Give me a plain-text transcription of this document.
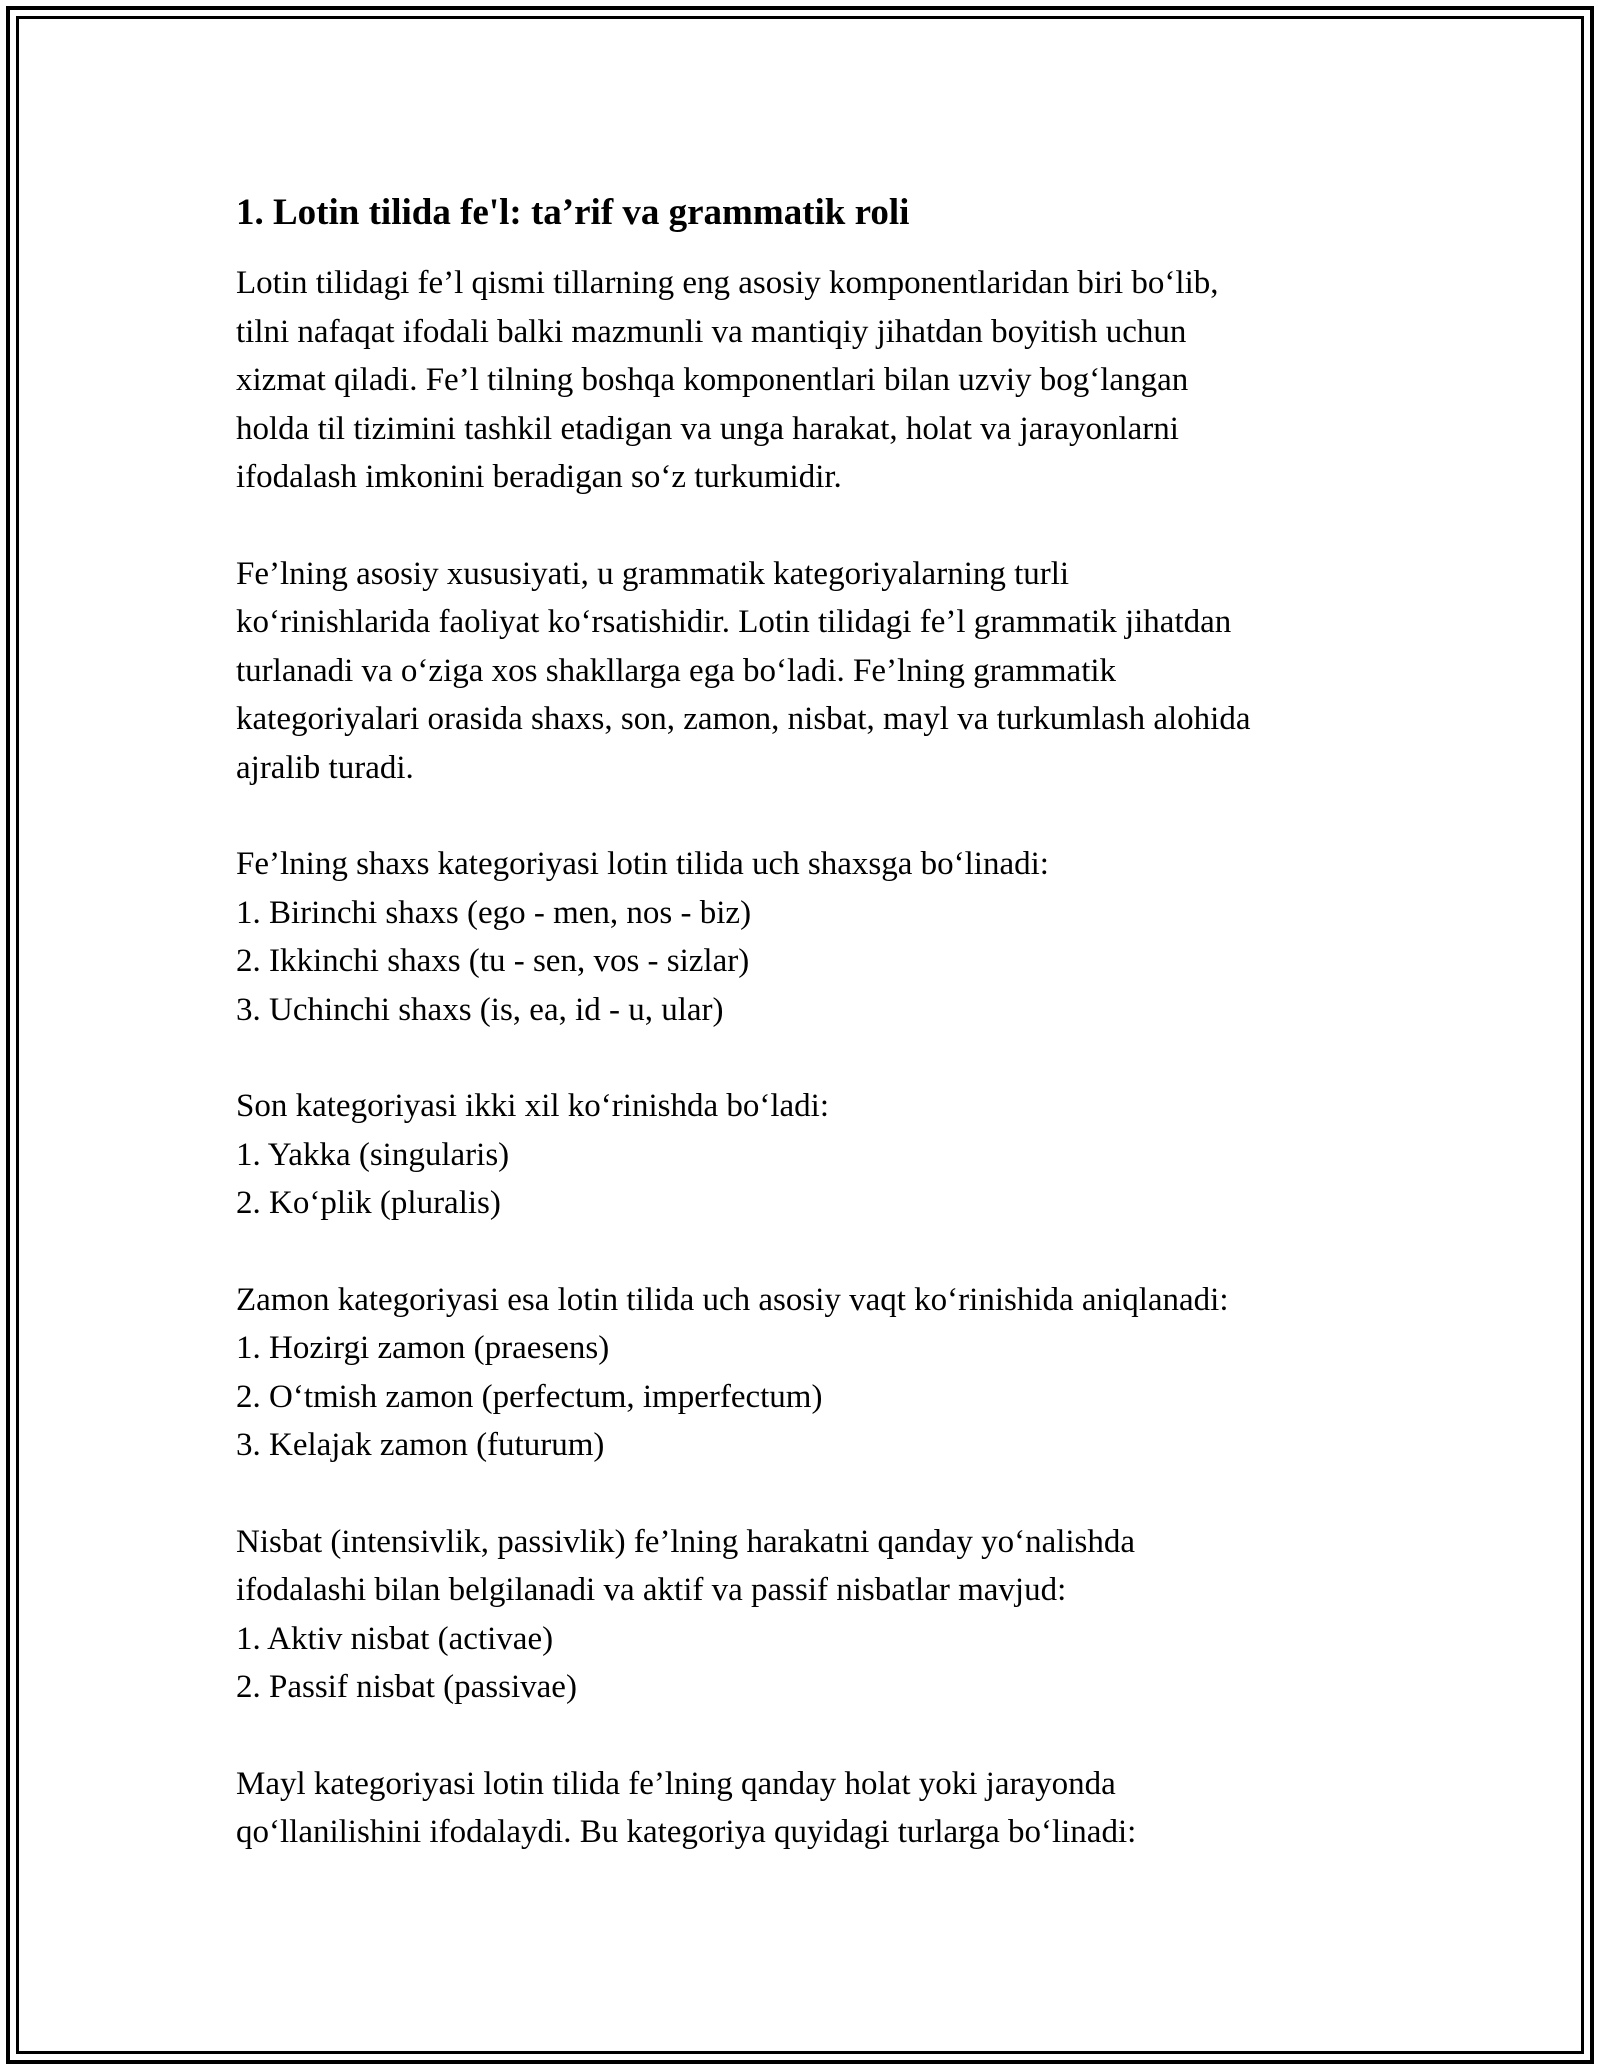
1. Lotin tilida fe'l: ta’rif va grammatik roli
Lotin tilidagi fe’l qismi tillarning eng asosiy komponentlaridan biri bo‘lib,
tilni nafaqat ifodali balki mazmunli va mantiqiy jihatdan boyitish uchun
xizmat qiladi. Fe’l tilning boshqa komponentlari bilan uzviy bog‘langan
holda til tizimini tashkil etadigan va unga harakat, holat va jarayonlarni
ifodalash imkonini beradigan so‘z turkumidir.
Fe’lning asosiy xususiyati, u grammatik kategoriyalarning turli
ko‘rinishlarida faoliyat ko‘rsatishidir. Lotin tilidagi fe’l grammatik jihatdan
turlanadi va o‘ziga xos shakllarga ega bo‘ladi. Fe’lning grammatik
kategoriyalari orasida shaxs, son, zamon, nisbat, mayl va turkumlash alohida
ajralib turadi.
Fe’lning shaxs kategoriyasi lotin tilida uch shaxsga bo‘linadi:
1. Birinchi shaxs (ego - men, nos - biz)
2. Ikkinchi shaxs (tu - sen, vos - sizlar)
3. Uchinchi shaxs (is, ea, id - u, ular)
Son kategoriyasi ikki xil ko‘rinishda bo‘ladi:
1. Yakka (singularis)
2. Ko‘plik (pluralis)
Zamon kategoriyasi esa lotin tilida uch asosiy vaqt ko‘rinishida aniqlanadi:
1. Hozirgi zamon (praesens)
2. O‘tmish zamon (perfectum, imperfectum)
3. Kelajak zamon (futurum)
Nisbat (intensivlik, passivlik) fe’lning harakatni qanday yo‘nalishda
ifodalashi bilan belgilanadi va aktif va passif nisbatlar mavjud:
1. Aktiv nisbat (activae)
2. Passif nisbat (passivae)
Mayl kategoriyasi lotin tilida fe’lning qanday holat yoki jarayonda
qo‘llanilishini ifodalaydi. Bu kategoriya quyidagi turlarga bo‘linadi:
